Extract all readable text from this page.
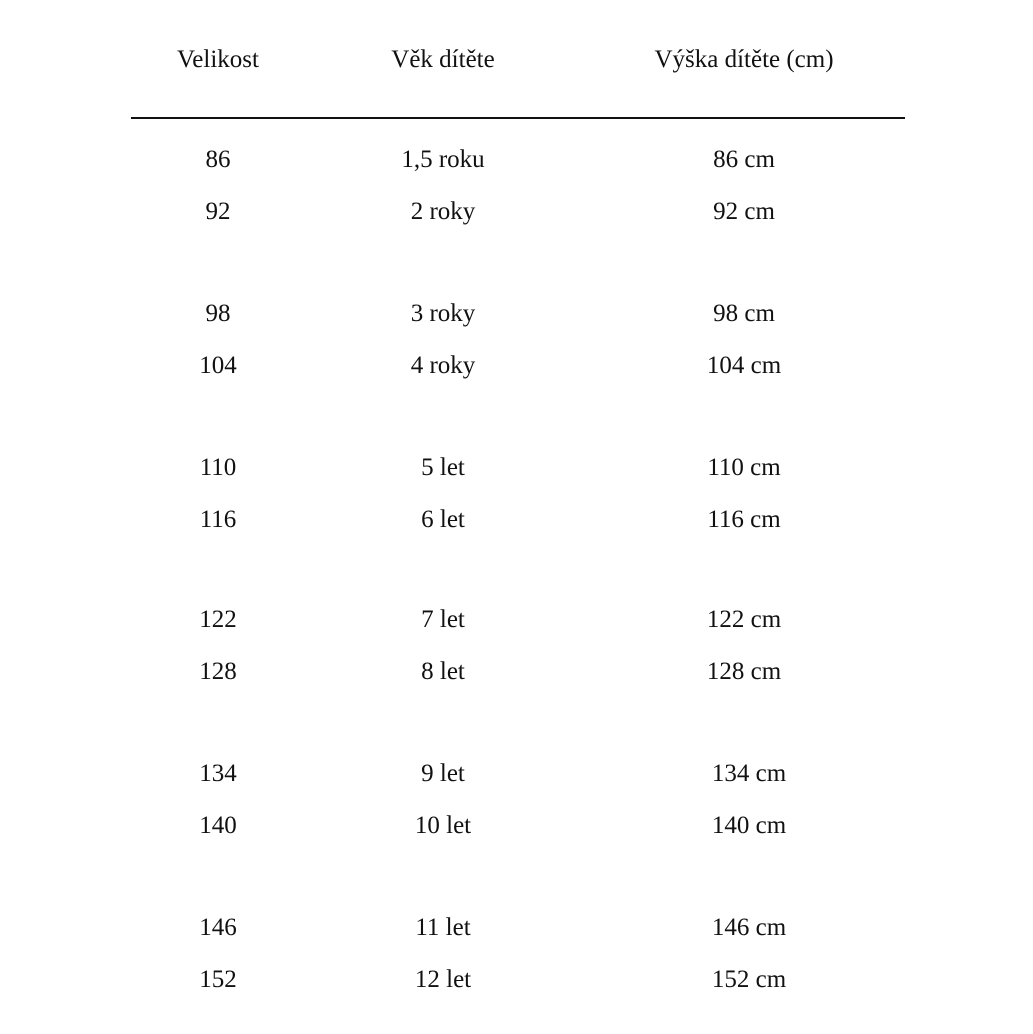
Velikost	Věk dítěte	Výška dítěte (cm)
86	1,5 roku	86 cm
92	2 roky	92 cm
98	3 roky	98 cm
104	4 roky	104 cm
110	5 let	110 cm
116	6 let	116 cm
122	7 let	122 cm
128	8 let	128 cm
134	9 let	134 cm
140	10 let	140 cm
146	11 let	146 cm
152	12 let	152 cm
